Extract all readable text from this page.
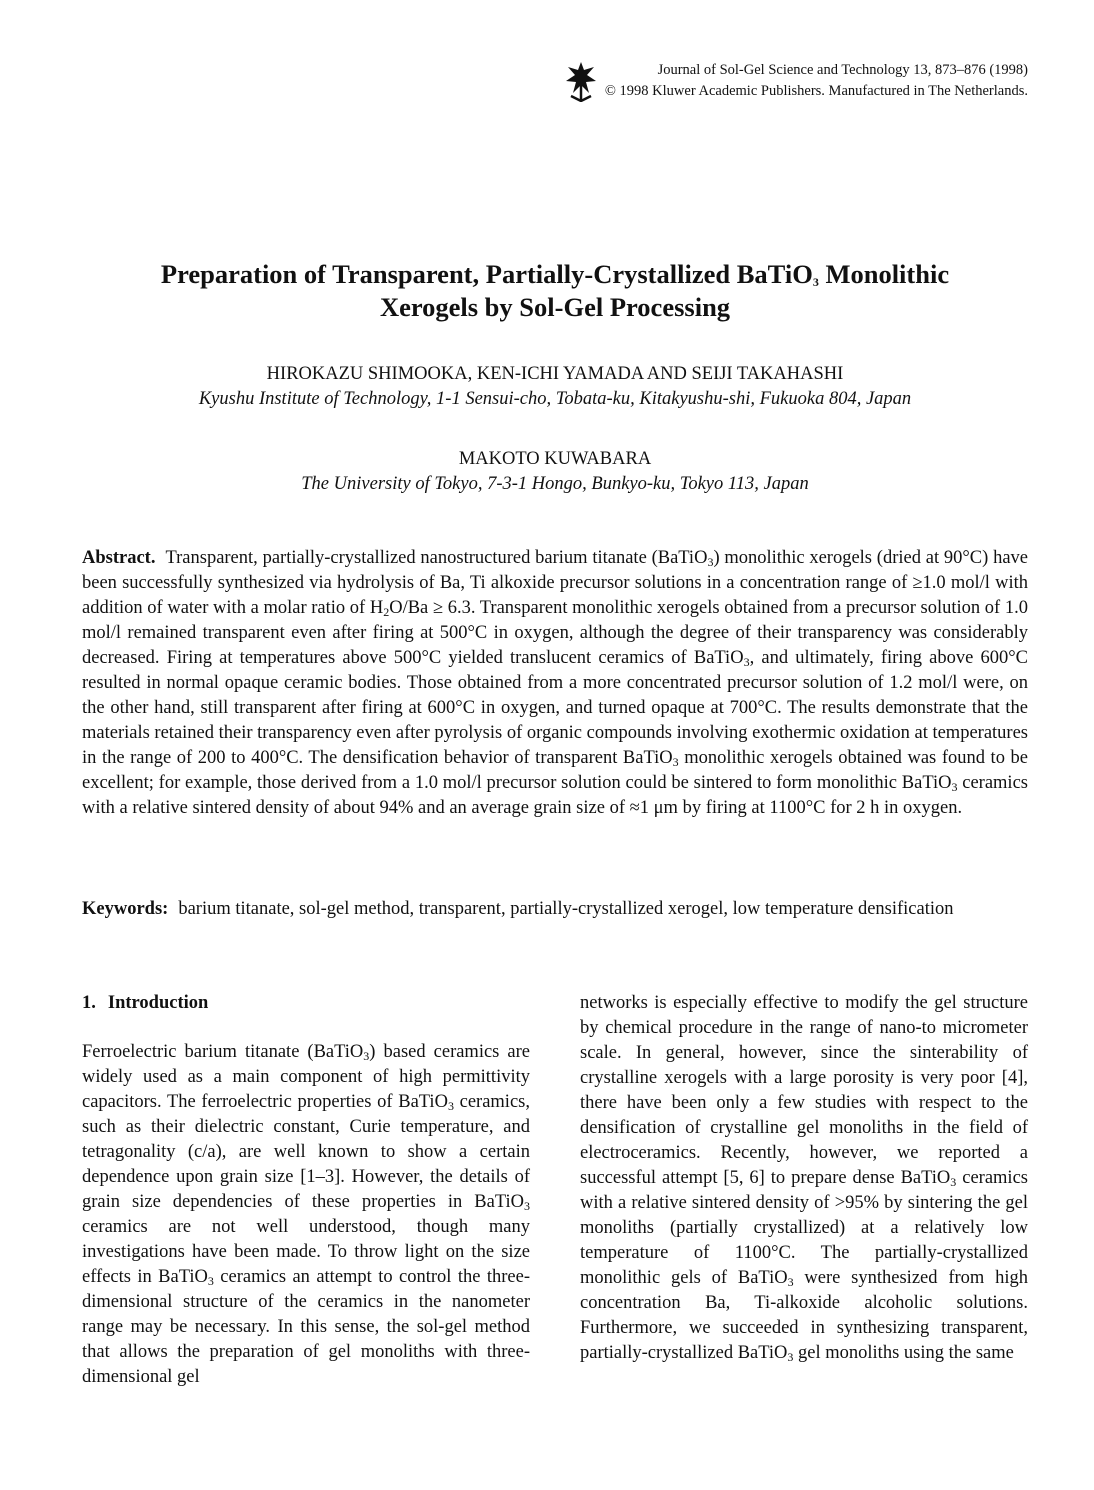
Journal of Sol-Gel Science and Technology 13, 873–876 (1998)
© 1998 Kluwer Academic Publishers. Manufactured in The Netherlands.
Preparation of Transparent, Partially-Crystallized BaTiO$_3$ Monolithic
Xerogels by Sol-Gel Processing

HIROKAZU SHIMOOKA, KEN-ICHI YAMADA AND SEIJI TAKAHASHI

Kyushu Institute of Technology, 1-1 Sensui-cho, Tobata-ku, Kitakyushu-shi, Fukuoka 804, Japan

MAKOTO KUWABARA

The University of Tokyo, 7-3-1 Hongo, Bunkyo-ku, Tokyo 113, Japan

Abstract. Transparent, partially-crystallized nanostructured barium titanate (BaTiO$_3$) monolithic xerogels (dried at 90°C) have been successfully synthesized via hydrolysis of Ba, Ti alkoxide precursor solutions in a concentration range of ≥1.0 mol/l with addition of water with a molar ratio of $H_2O/Ba \ge 6.3$. Transparent monolithic xerogels obtained from a precursor solution of 1.0 mol/l remained transparent even after firing at 500°C in oxygen, although the degree of their transparency was considerably decreased. Firing at temperatures above 500°C yielded translucent ceramics of BaTiO$_3$, and ultimately, firing above 600°C resulted in normal opaque ceramic bodies. Those obtained from a more concentrated precursor solution of 1.2 mol/l were, on the other hand, still transparent after firing at 600°C in oxygen, and turned opaque at 700°C. The results demonstrate that the materials retained their transparency even after pyrolysis of organic compounds involving exothermic oxidation at temperatures in the range of 200 to 400°C. The densification behavior of transparent BaTiO$_3$ monolithic xerogels obtained was found to be excellent; for example, those derived from a 1.0 mol/l precursor solution could be sintered to form monolithic BaTiO$_3$ ceramics with a relative sintered density of about 94% and an average grain size of ≈1 μm by firing at 1100°C for 2 h in oxygen.

Keywords: barium titanate, sol-gel method, transparent, partially-crystallized xerogel, low temperature densification

1. Introduction

Ferroelectric barium titanate (BaTiO$_3$) based ceramics are widely used as a main component of high permittivity capacitors. The ferroelectric properties of BaTiO$_3$ ceramics, such as their dielectric constant, Curie temperature, and tetragonality (c/a), are well known to show a certain dependence upon grain size [1–3]. However, the details of grain size dependencies of these properties in BaTiO$_3$ ceramics are not well understood, though many investigations have been made. To throw light on the size effects in BaTiO$_3$ ceramics an attempt to control the three-dimensional structure of the ceramics in the nanometer range may be necessary. In this sense, the sol-gel method that allows the preparation of gel monoliths with three-dimensional gel

networks is especially effective to modify the gel structure by chemical procedure in the range of nano-to micrometer scale. In general, however, since the sinterability of crystalline xerogels with a large porosity is very poor [4], there have been only a few studies with respect to the densification of crystalline gel monoliths in the field of electroceramics. Recently, however, we reported a successful attempt [5, 6] to prepare dense BaTiO$_3$ ceramics with a relative sintered density of >95% by sintering the gel monoliths (partially crystallized) at a relatively low temperature of 1100°C. The partially-crystallized monolithic gels of BaTiO$_3$ were synthesized from high concentration Ba, Ti-alkoxide alcoholic solutions. Furthermore, we succeeded in synthesizing transparent, partially-crystallized BaTiO$_3$ gel monoliths using the same
